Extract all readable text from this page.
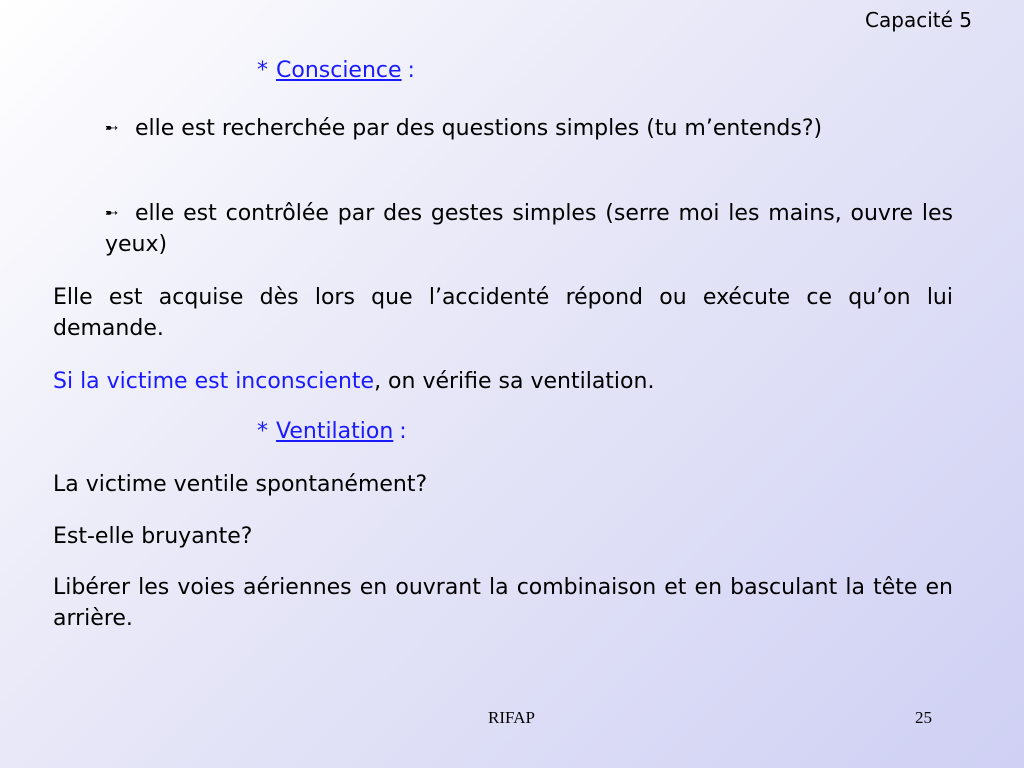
Capacité 5
* Conscience :
➸ elle est recherchée par des questions simples (tu m’entends?)
➸ elle est contrôlée par des gestes simples (serre moi les mains, ouvre les yeux)
Elle est acquise dès lors que l’accidenté répond ou exécute ce qu’on lui demande.
Si la victime est inconsciente, on vérifie sa ventilation.
* Ventilation :
La victime ventile spontanément?
Est-elle bruyante?
Libérer les voies aériennes en ouvrant la combinaison et en basculant la tête en arrière.
RIFAP	25
